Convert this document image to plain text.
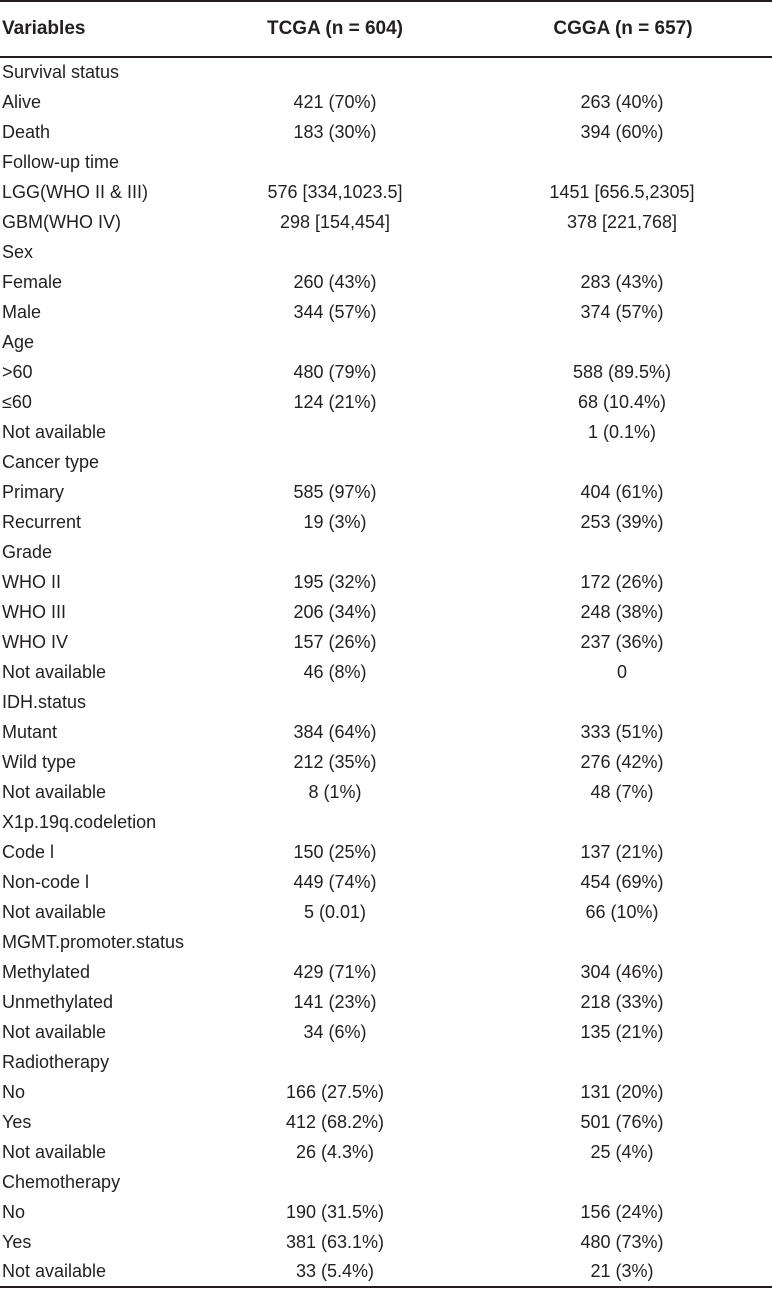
Variables	TCGA (n = 604)	CGGA (n = 657)
Survival status		
Alive	421 (70%)	263 (40%)
Death	183 (30%)	394 (60%)
Follow-up time		
LGG(WHO II & III)	576 [334,1023.5]	1451 [656.5,2305]
GBM(WHO IV)	298 [154,454]	378 [221,768]
Sex		
Female	260 (43%)	283 (43%)
Male	344 (57%)	374 (57%)
Age		
>60	480 (79%)	588 (89.5%)
≤60	124 (21%)	68 (10.4%)
Not available		1 (0.1%)
Cancer type		
Primary	585 (97%)	404 (61%)
Recurrent	19 (3%)	253 (39%)
Grade		
WHO II	195 (32%)	172 (26%)
WHO III	206 (34%)	248 (38%)
WHO IV	157 (26%)	237 (36%)
Not available	46 (8%)	0
IDH.status		
Mutant	384 (64%)	333 (51%)
Wild type	212 (35%)	276 (42%)
Not available	8 (1%)	48 (7%)
X1p.19q.codeletion		
Code l	150 (25%)	137 (21%)
Non-code l	449 (74%)	454 (69%)
Not available	5 (0.01)	66 (10%)
MGMT.promoter.status		
Methylated	429 (71%)	304 (46%)
Unmethylated	141 (23%)	218 (33%)
Not available	34 (6%)	135 (21%)
Radiotherapy		
No	166 (27.5%)	131 (20%)
Yes	412 (68.2%)	501 (76%)
Not available	26 (4.3%)	25 (4%)
Chemotherapy		
No	190 (31.5%)	156 (24%)
Yes	381 (63.1%)	480 (73%)
Not available	33 (5.4%)	21 (3%)
